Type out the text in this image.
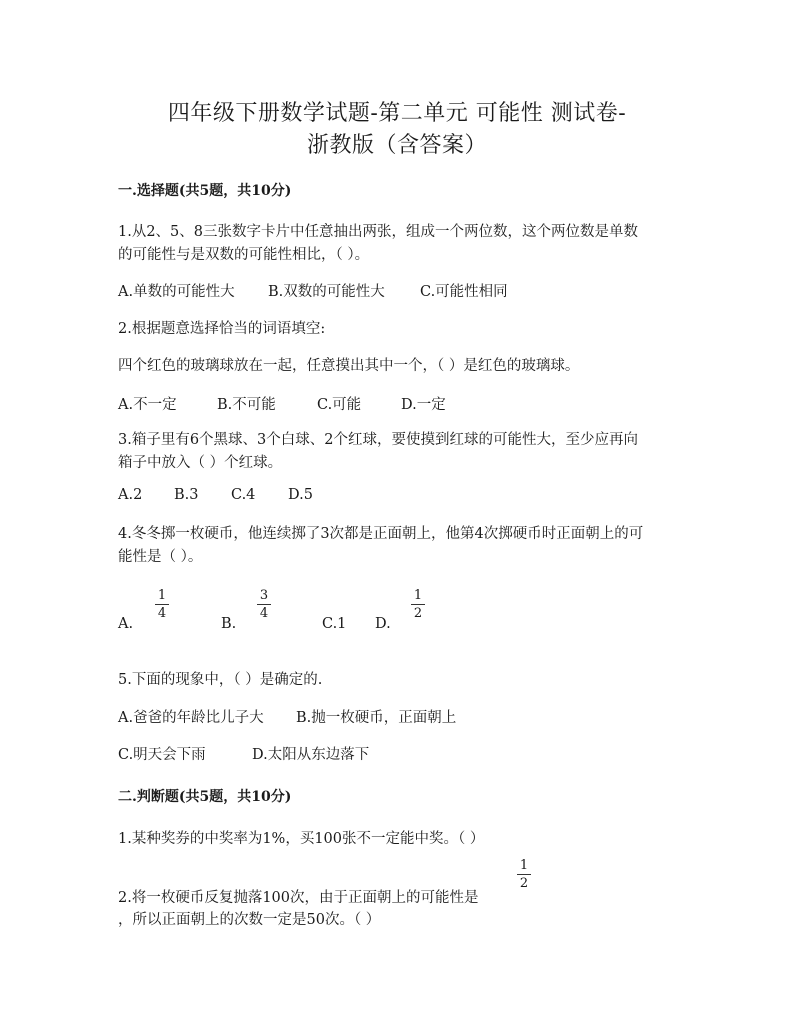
四年级下册数学试题-第二单元 可能性 测试卷-
浙教版（含答案）
一.选择题(共5题，共10分)
1.从2、5、8三张数字卡片中任意抽出两张，组成一个两位数，这个两位数是单数
的可能性与是双数的可能性相比，（ ）。
A.单数的可能性大 B.双数的可能性大 C.可能性相同
2.根据题意选择恰当的词语填空:
四个红色的玻璃球放在一起，任意摸出其中一个，（ ）是红色的玻璃球。
A.不一定	B.不可能	C.可能	D.一定
3.箱子里有6个黑球、3个白球、2个红球，要使摸到红球的可能性大，至少应再向
箱子中放入（ ）个红球。
A.2 B.3 C.4 D.5
4.冬冬掷一枚硬币，他连续掷了3次都是正面朝上，他第4次掷硬币时正面朝上的可
能性是（ ）。
1
4
3
4
1
2
A.	B.	C.1 D.
5.下面的现象中，（ ）是确定的.
A.爸爸的年龄比儿子大 B.抛一枚硬币，正面朝上
C.明天会下雨	D.太阳从东边落下
二.判断题(共5题，共10分)
1.某种奖券的中奖率为1%，买100张不一定能中奖。（ ）
1
2
2.将一枚硬币反复抛落100次，由于正面朝上的可能性是
，所以正面朝上的次数一定是50次。（ ）
